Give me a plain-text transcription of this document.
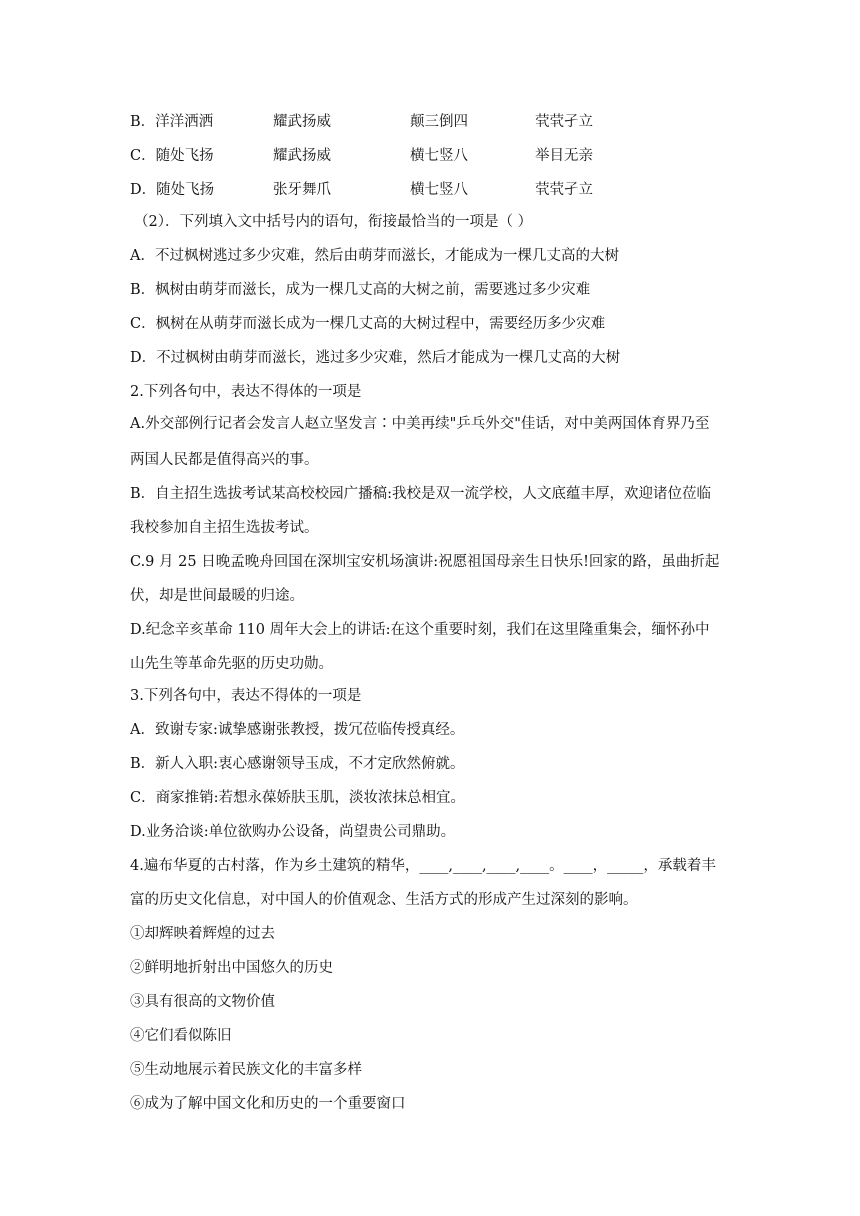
B．洋洋洒洒	耀武扬威	颠三倒四	茕茕孑立
C．随处飞扬	耀武扬威	横七竖八	举目无亲
D．随处飞扬	张牙舞爪	横七竖八	茕茕孑立
（2）．下列填入文中括号内的语句，衔接最恰当的一项是（ ）
A．不过枫树逃过多少灾难，然后由萌芽而滋长，才能成为一棵几丈高的大树
B．枫树由萌芽而滋长，成为一棵几丈高的大树之前，需要逃过多少灾难
C．枫树在从萌芽而滋长成为一棵几丈高的大树过程中，需要经历多少灾难
D．不过枫树由萌芽而滋长，逃过多少灾难，然后才能成为一棵几丈高的大树
2.下列各句中，表达不得体的一项是
A.外交部例行记者会发言人赵立坚发言∶中美再续"乒乓外交"佳话，对中美两国体育界乃至
两国人民都是值得高兴的事。
B．自主招生选拔考试某高校校园广播稿:我校是双一流学校，人文底蕴丰厚，欢迎诸位莅临
我校参加自主招生选拔考试。
C.9 月 25 日晚孟晚舟回国在深圳宝安机场演讲:祝愿祖国母亲生日快乐!回家的路，虽曲折起
伏，却是世间最暖的归途。
D.纪念辛亥革命 110 周年大会上的讲话:在这个重要时刻，我们在这里隆重集会，缅怀孙中
山先生等革命先驱的历史功勋。
3.下列各句中，表达不得体的一项是
A．致谢专家:诚挚感谢张教授，拨冗莅临传授真经。
B．新人入职:衷心感谢领导玉成，不才定欣然俯就。
C．商家推销:若想永葆娇肤玉肌，淡妆浓抹总相宜。
D.业务洽谈:单位欲购办公设备，尚望贵公司鼎助。
4.遍布华夏的古村落，作为乡土建筑的精华，____,____,____,____。____，_____，承载着丰
富的历史文化信息，对中国人的价值观念、生活方式的形成产生过深刻的影响。
①却辉映着辉煌的过去
②鲜明地折射出中国悠久的历史
③具有很高的文物价值
④它们看似陈旧
⑤生动地展示着民族文化的丰富多样
⑥成为了解中国文化和历史的一个重要窗口
